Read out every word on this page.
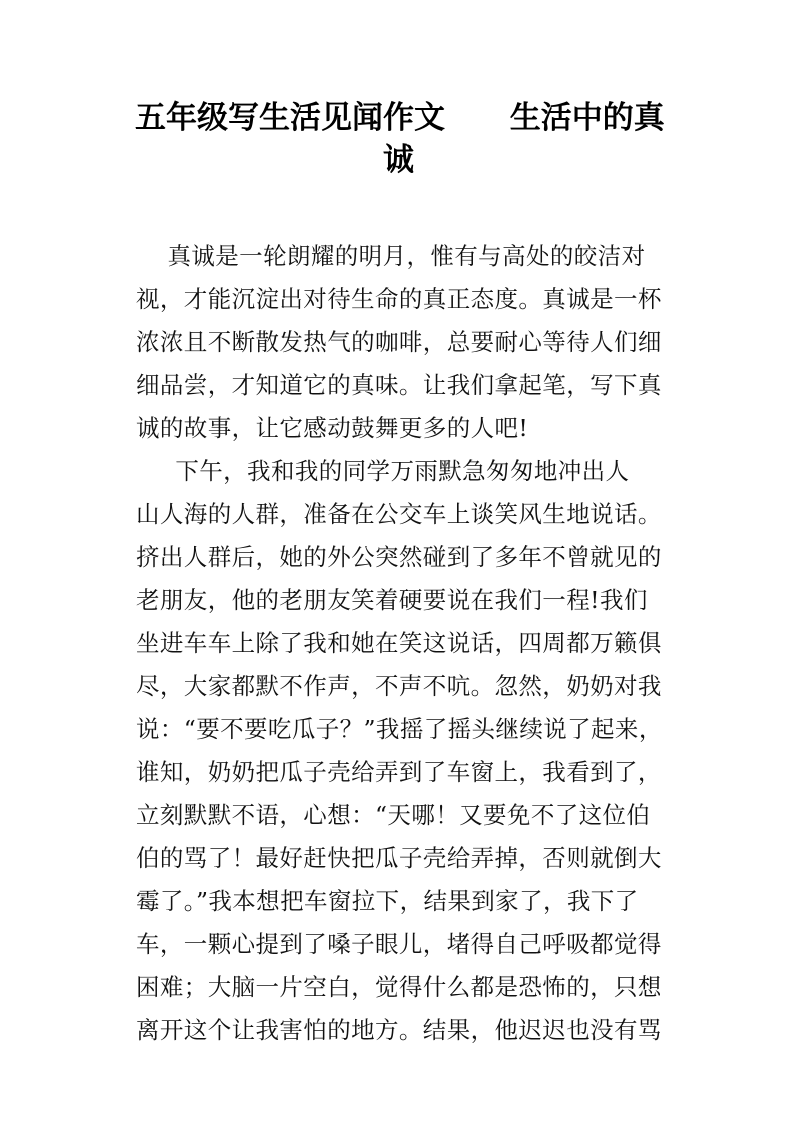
五年级写生活见闻作文      生活中的真
诚
真诚是一轮朗耀的明月，惟有与高处的皎洁对
视，才能沉淀出对待生命的真正态度。真诚是一杯
浓浓且不断散发热气的咖啡，总要耐心等待人们细
细品尝，才知道它的真味。让我们拿起笔，写下真
诚的故事，让它感动鼓舞更多的人吧!
下午，我和我的同学万雨默急匆匆地冲出人
山人海的人群，准备在公交车上谈笑风生地说话。
挤出人群后，她的外公突然碰到了多年不曾就见的
老朋友，他的老朋友笑着硬要说在我们一程!我们
坐进车车上除了我和她在笑这说话，四周都万籁俱
尽，大家都默不作声，不声不吭。忽然，奶奶对我
说：“要不要吃瓜子？”我摇了摇头继续说了起来，
谁知，奶奶把瓜子壳给弄到了车窗上，我看到了，
立刻默默不语，心想：“天哪！又要免不了这位伯
伯的骂了！最好赶快把瓜子壳给弄掉，否则就倒大
霉了。”我本想把车窗拉下，结果到家了，我下了
车，一颗心提到了嗓子眼儿，堵得自己呼吸都觉得
困难；大脑一片空白，觉得什么都是恐怖的，只想
离开这个让我害怕的地方。结果，他迟迟也没有骂
